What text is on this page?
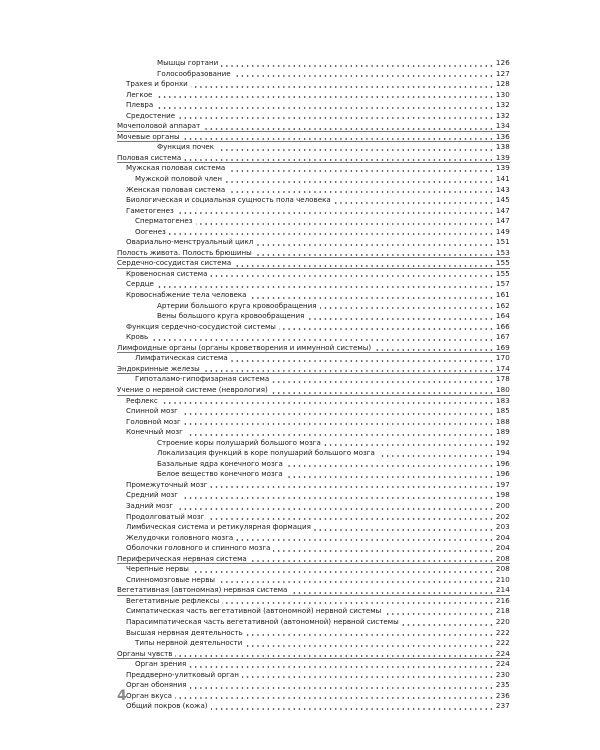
Мышцы гортани	126
Голосообразование	127
Трахея и бронхи	128
Легкое	130
Плевра	132
Средостение	132
Мочеполовой аппарат	134
Мочевые органы	136
Функция почек	138
Половая система	139
Мужская половая система	139
Мужской половой член	141
Женская половая система	143
Биологическая и социальная сущность пола человека	145
Гаметогенез	147
Сперматогенез	147
Оогенез	149
Овариально-менструальный цикл	151
Полость живота. Полость брюшины	153
Сердечно-сосудистая система	155
Кровеносная система	155
Сердце	157
Кровоснабжение тела человека	161
Артерии большого круга кровообращения	162
Вены большого круга кровообращения	164
Функция сердечно-сосудистой системы	166
Кровь	167
Лимфоидные органы (органы кроветворения и иммунной системы)	169
Лимфатическая система	170
Эндокринные железы	174
Гипоталамо-гипофизарная система	178
Учение о нервной системе (неврология)	180
Рефлекс	183
Спинной мозг	185
Головной мозг	188
Конечный мозг	189
Строение коры полушарий большого мозга	192
Локализация функций в коре полушарий большого мозга	194
Базальные ядра конечного мозга	196
Белое вещество конечного мозга	196
Промежуточный мозг	197
Средний мозг	198
Задний мозг	200
Продолговатый мозг	202
Лимбическая система и ретикулярная формация	203
Желудочки головного мозга	204
Оболочки головного и спинного мозга	204
Периферическая нервная система	208
Черепные нервы	208
Спинномозговые нервы	210
Вегетативная (автономная) нервная система	214
Вегетативные рефлексы	216
Симпатическая часть вегетативной (автономной) нервной системы	218
Парасимпатическая часть вегетативной (автономной) нервной системы	220
Высшая нервная деятельность	222
Типы нервной деятельности	222
Органы чувств	224
Орган зрения	224
Преддверно-улитковый орган	230
Орган обоняния	235
Орган вкуса	236
Общий покров (кожа)	237
4
